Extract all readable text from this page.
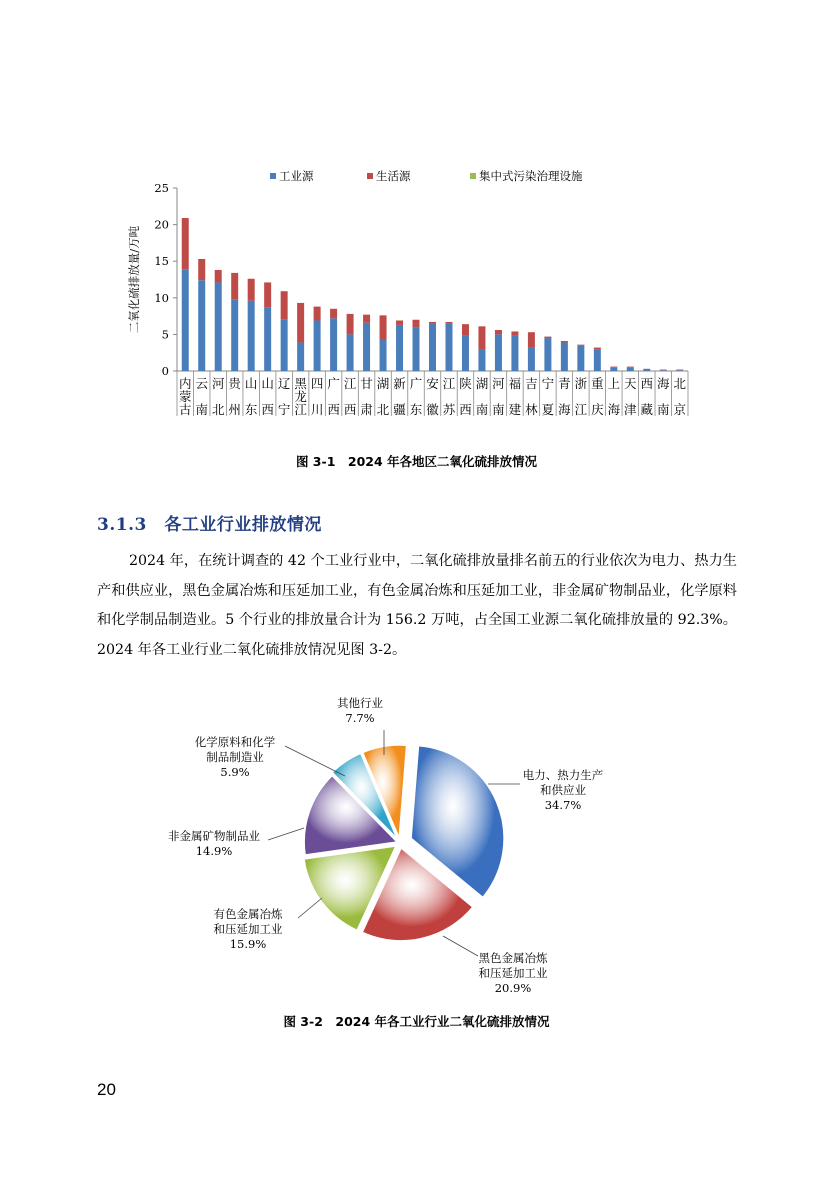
工业源	生活源	集中式污染治理设施
0
5
10
15
20
25
二氧化硫排放量/万吨
内
蒙
古
云
南
河
北
贵
州
山
东
山
西
辽
宁
黑
龙
江
四
川
广
西
江
西
甘
肃
湖
北
新
疆
广
东
安
徽
江
苏
陕
西
湖
南
河
南
福
建
吉
林
宁
夏
青
海
浙
江
重
庆
上
海
天
津
西
藏
海
南
北
京
图 3-1　2024 年各地区二氧化硫排放情况
3.1.3　各工业行业排放情况
2024 年，在统计调查的 42 个工业行业中，二氧化硫排放量排名前五的行业依次为电力、热力生产和供应业，黑色金属冶炼和压延加工业，有色金属冶炼和压延加工业，非金属矿物制品业，化学原料和化学制品制造业。5 个行业的排放量合计为 156.2 万吨，占全国工业源二氧化硫排放量的 92.3%。2024 年各工业行业二氧化硫排放情况见图 3-2。
电力、热力生产
和供应业
34.7%
黑色金属冶炼
和压延加工业
20.9%
有色金属冶炼
和压延加工业
15.9%
非金属矿物制品业
14.9%
化学原料和化学
制品制造业
5.9%
其他行业
7.7%
图 3-2　2024 年各工业行业二氧化硫排放情况
20
